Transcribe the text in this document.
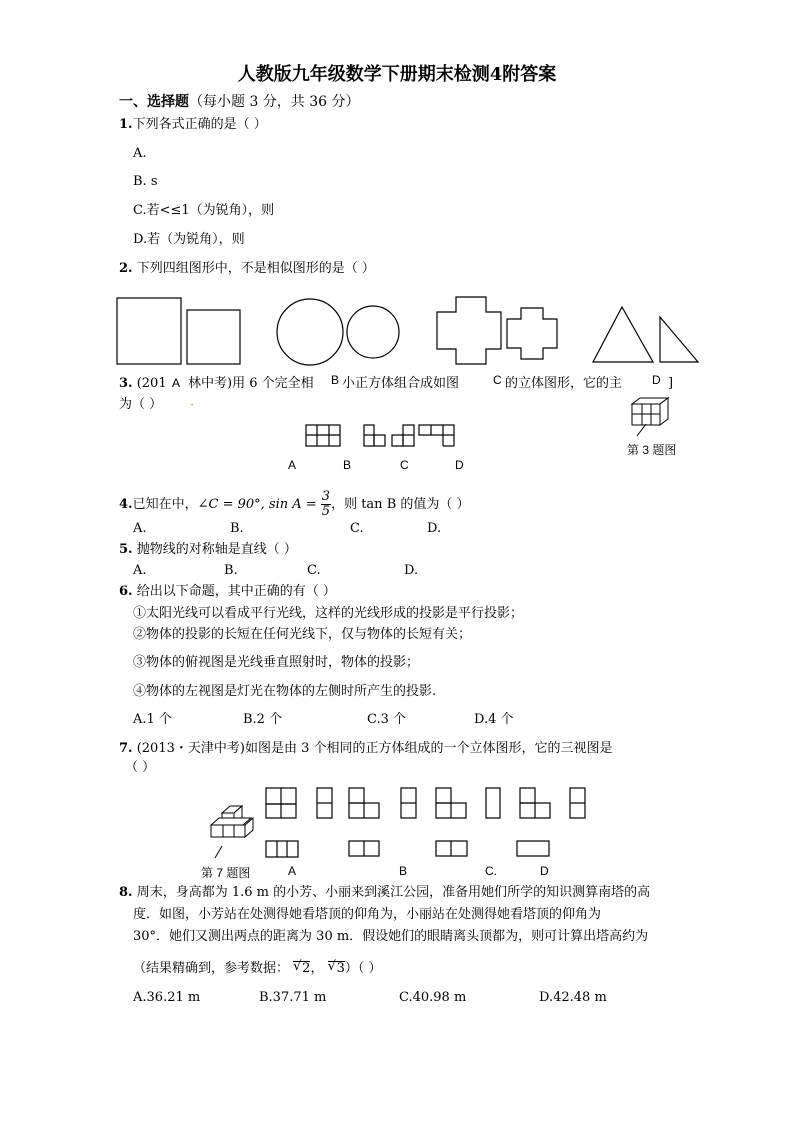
人教版九年级数学下册期末检测4附答案
一、选择题（每小题 3 分，共 36 分）
1.下列各式正确的是（ ）
A.
B. s
C.若<≤1（为锐角），则
D.若（为锐角），则
2. 下列四组图形中，不是相似图形的是（ ）
A	B	C	D
3. (201 林中考)用 6 个完全相 小正方体组合成如图	的立体图形，它的主	]
为（ ） ·
第 3 题图
A	B	C	D
4.已知在中，∠C = 90°, $\sin A = \frac{3}{5}$ ，则 tan B 的值为（ ）
A.	B.	C.	D.
5. 抛物线的对称轴是直线（ ）
A.	B.	C.	D.
6. 给出以下命题，其中正确的有（ ）
①太阳光线可以看成平行光线，这样的光线形成的投影是平行投影；
②物体的投影的长短在任何光线下，仅与物体的长短有关；
③物体的俯视图是光线垂直照射时，物体的投影；
④物体的左视图是灯光在物体的左侧时所产生的投影.
A.1 个	B.2 个	C.3 个	D.4 个
7. (2013・天津中考)如图是由 3 个相同的正方体组成的一个立体图形，它的三视图是
（ ）
第 7 题图	A	B	C.	D
8. 周末，身高都为 1.6 m 的小芳、小丽来到溪江公园，准备用她们所学的知识测算南塔的高
度．如图，小芳站在处测得她看塔顶的仰角为，小丽站在处测得她看塔顶的仰角为
30°．她们又测出两点的距离为 30 m．假设她们的眼睛离头顶都为，则可计算出塔高约为
（结果精确到，参考数据： √ 2， √ 3）（ ）
A.36.21 m	B.37.71 m	C.40.98 m	D.42.48 m
